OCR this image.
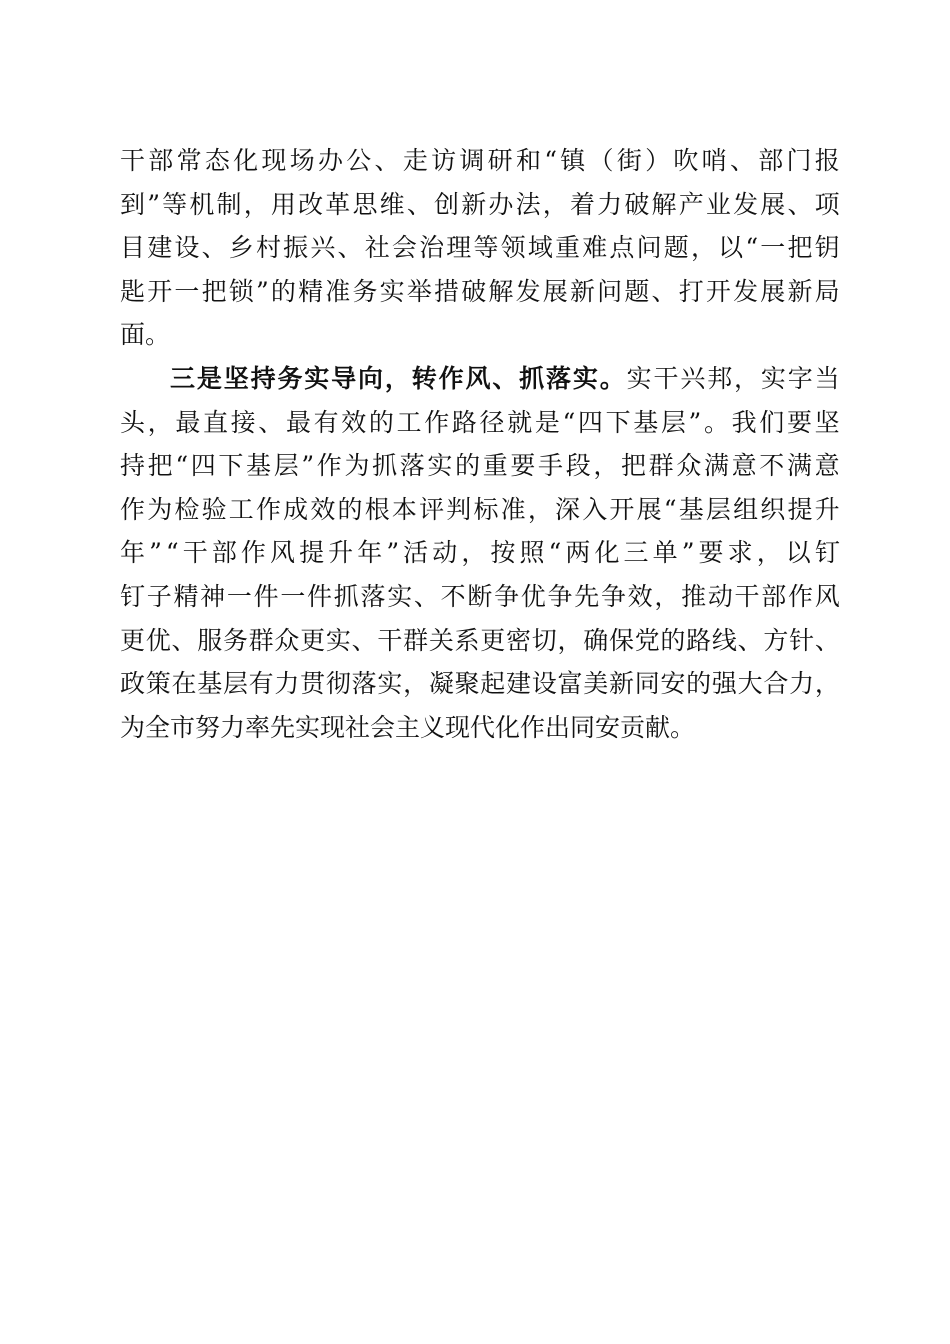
干 部 常 态 化 现 场 办 公 、 走 访 调 研 和 “ 镇 （ 街 ） 吹 哨 、 部 门 报
到 ” 等 机 制 ， 用 改 革 思 维 、 创 新 办 法 ， 着 力 破 解 产 业 发 展 、 项
目 建 设 、 乡 村 振 兴 、 社 会 治 理 等 领 域 重 难 点 问 题 ， 以 “ 一 把 钥
匙 开 一 把 锁 ” 的 精 准 务 实 举 措 破 解 发 展 新 问 题 、 打 开 发 展 新 局
面。
三 是 坚 持 务 实 导 向 ， 转 作 风 、 抓 落 实 。 实 干 兴 邦 ， 实 字 当
头 ， 最 直 接 、 最 有 效 的 工 作 路 径 就 是 “ 四 下 基 层 ” 。 我 们 要 坚
持 把 “ 四 下 基 层 ” 作 为 抓 落 实 的 重 要 手 段 ， 把 群 众 满 意 不 满 意
作 为 检 验 工 作 成 效 的 根 本 评 判 标 准 ， 深 入 开 展 “ 基 层 组 织 提 升
年 ” “ 干 部 作 风 提 升 年 ” 活 动 ， 按 照 “ 两 化 三 单 ” 要 求 ， 以 钉
钉 子 精 神 一 件 一 件 抓 落 实 、 不 断 争 优 争 先 争 效 ， 推 动 干 部 作 风
更 优 、 服 务 群 众 更 实 、 干 群 关 系 更 密 切 ， 确 保 党 的 路 线 、 方 针 、
政 策 在 基 层 有 力 贯 彻 落 实 ， 凝 聚 起 建 设 富 美 新 同 安 的 强 大 合 力 ，
为全市努力率先实现社会主义现代化作出同安贡献。
